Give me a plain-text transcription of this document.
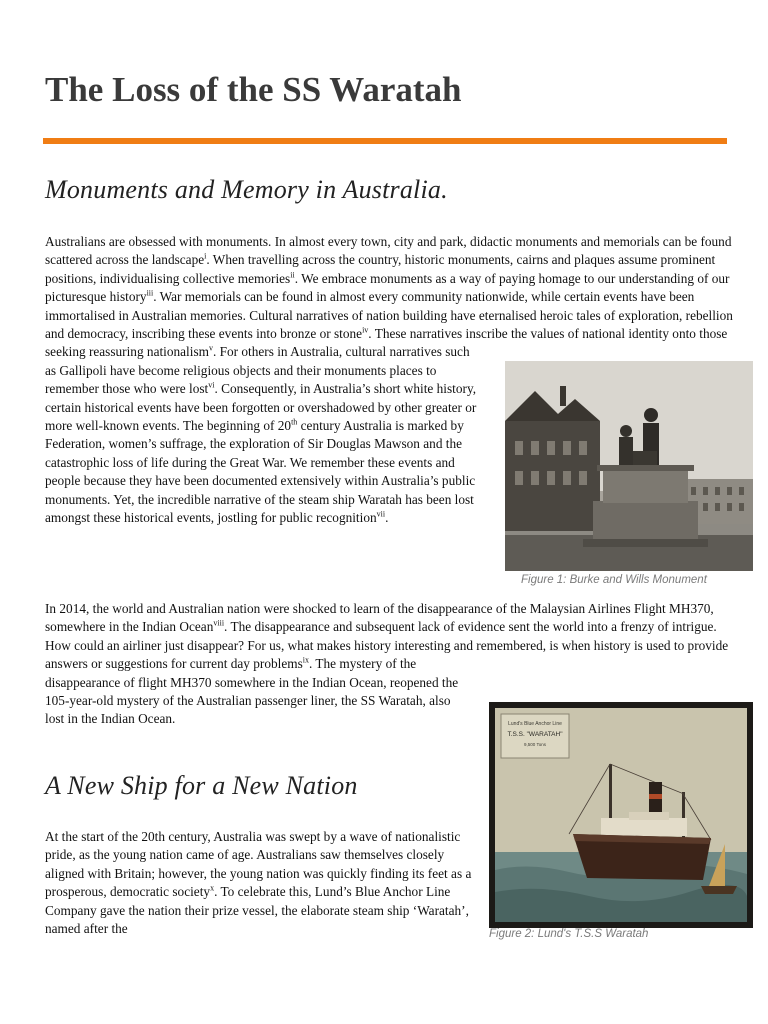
The Loss of the SS Waratah
Monuments and Memory in Australia.

Australians are obsessed with monuments. In almost every town, city and park, didactic monuments and memorials can be found scattered across the landscape$^i$. When travelling across the country, historic monuments, cairns and plaques assume prominent positions, individualising collective memories$^{ii}$. We embrace monuments as a way of paying homage to our understanding of our picturesque history$^{iii}$. War memorials can be found in almost every community nationwide, while certain events have been immortalised in Australian memories. Cultural narratives of nation building have eternalised heroic tales of exploration, rebellion and democracy, inscribing these events into bronze or stone$^{iv}$. These narratives inscribe the values of national identity onto those seeking reassuring nationalism$^v$
. For others in Australia, cultural narratives such as Gallipoli have become religious objects and their monuments places to remember those who were lost$^{vi}$. Consequently, in Australia’s short white history, certain historical events have been forgotten or overshadowed by other greater or more well-known events. The beginning of 20th century Australia is marked by Federation, women’s suffrage, the exploration of Sir Douglas Mawson and the catastrophic loss of life during the Great War. We remember these events and people because they have been documented extensively within Australia’s public monuments. Yet, the incredible narrative of the steam ship Waratah has been lost amongst these historical events, jostling for public recognition$^{vii}$.

Figure 1: Burke and Wills Monument

In 2014, the world and Australian nation were shocked to learn of the disappearance of the Malaysian Airlines Flight MH370, somewhere in the Indian Ocean$^{viii}$. The disappearance and subsequent lack of evidence sent the world into a frenzy of intrigue. How could an airliner just disappear? For us, what makes history interesting and remembered, is when history is used to provide answers or suggestions for current day problems$^{ix}$
. The mystery of the disappearance of flight MH370 somewhere in the Indian Ocean, reopened the 105-year-old mystery of the Australian passenger liner, the SS Waratah, also lost in the Indian Ocean.

A New Ship for a New Nation

At the start of the 20th century, Australia was swept by a wave of nationalistic pride, as the young nation came of age. Australians saw themselves closely aligned with Britain; however, the young nation was quickly finding its feet as a prosperous, democratic society$^x$. To celebrate this, Lund’s Blue Anchor Line Company gave the nation their prize vessel, the elaborate steam ship ‘Waratah’, named after the

Lund's Blue Anchor Line
T.S.S. "WARATAH"
9,500 Tons
Figure 2: Lund's T.S.S Waratah
